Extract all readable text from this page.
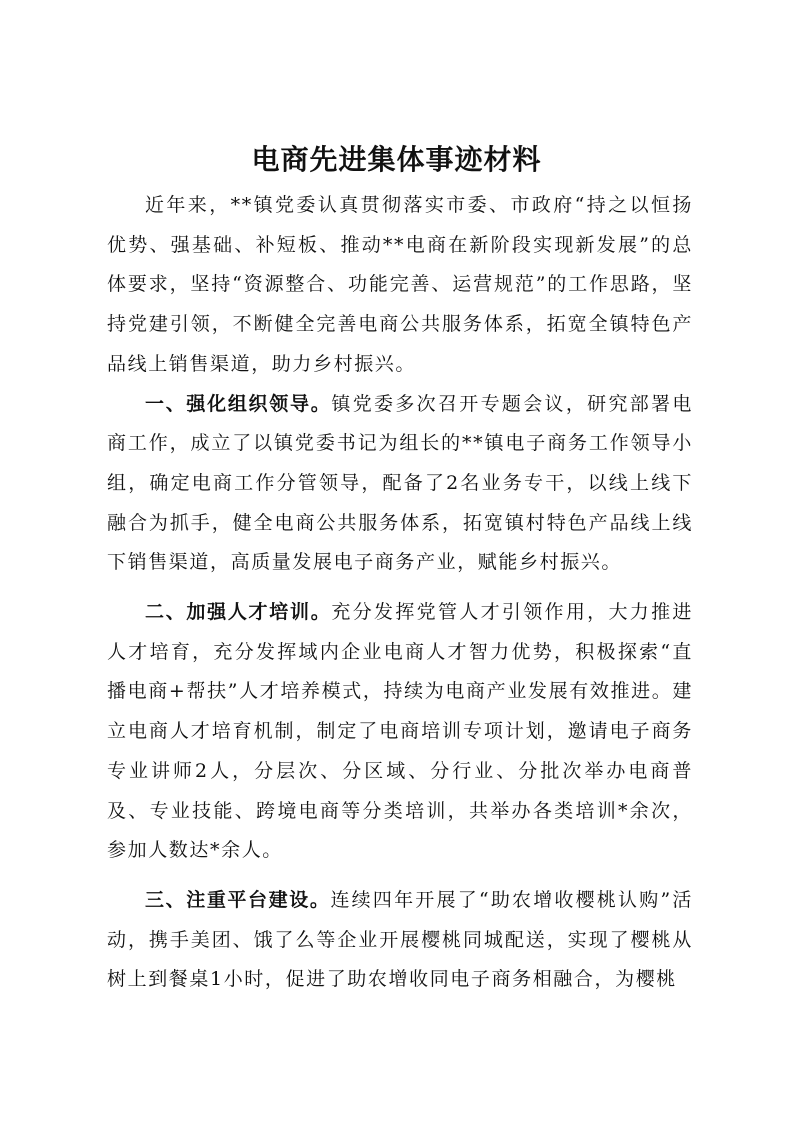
电商先进集体事迹材料

近年来，**镇党委认真贯彻落实市委、市政府“持之以恒扬优势、强基础、补短板、推动**电商在新阶段实现新发展”的总体要求，坚持“资源整合、功能完善、运营规范”的工作思路，坚持党建引领，不断健全完善电商公共服务体系，拓宽全镇特色产品线上销售渠道，助力乡村振兴。

一、强化组织领导。镇党委多次召开专题会议，研究部署电商工作，成立了以镇党委书记为组长的**镇电子商务工作领导小组，确定电商工作分管领导，配备了2名业务专干，以线上线下融合为抓手，健全电商公共服务体系，拓宽镇村特色产品线上线下销售渠道，高质量发展电子商务产业，赋能乡村振兴。

二、加强人才培训。充分发挥党管人才引领作用，大力推进人才培育，充分发挥域内企业电商人才智力优势，积极探索“直播电商+帮扶”人才培养模式，持续为电商产业发展有效推进。建立电商人才培育机制，制定了电商培训专项计划，邀请电子商务专业讲师2人，分层次、分区域、分行业、分批次举办电商普及、专业技能、跨境电商等分类培训，共举办各类培训*余次，参加人数达*余人。

三、注重平台建设。连续四年开展了“助农增收樱桃认购”活动，携手美团、饿了么等企业开展樱桃同城配送，实现了樱桃从树上到餐桌1小时，促进了助农增收同电子商务相融合，为樱桃
